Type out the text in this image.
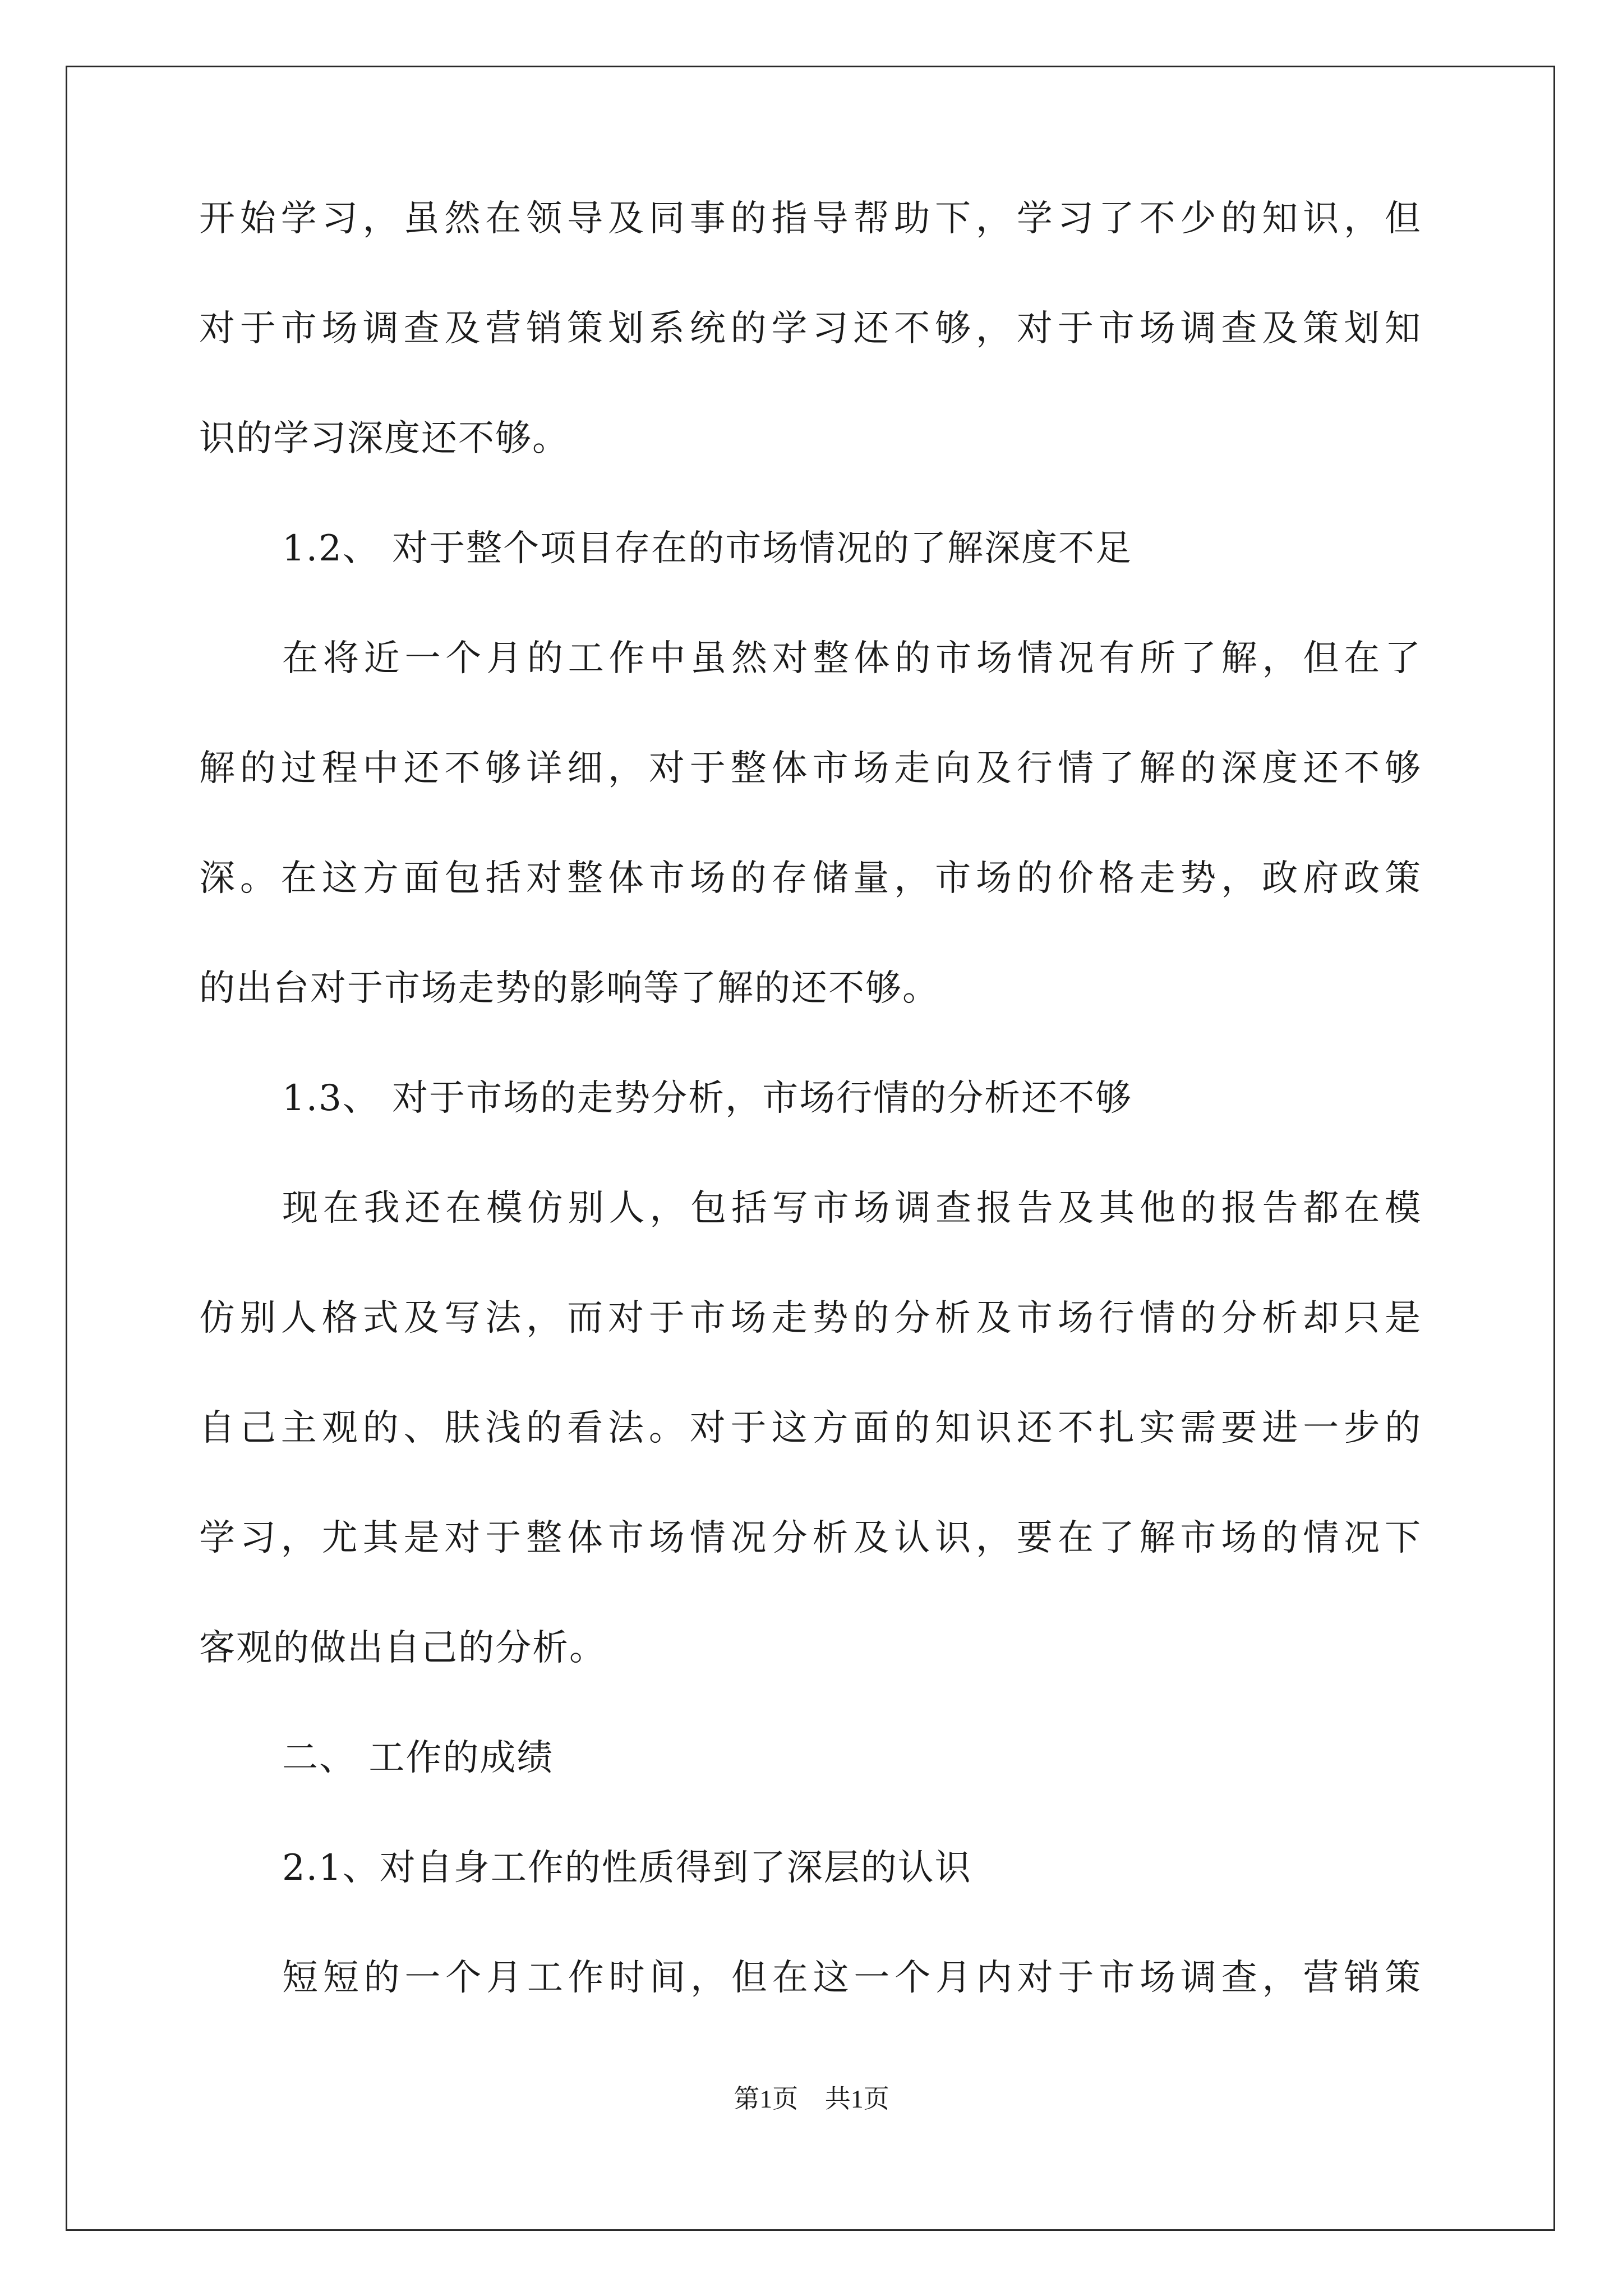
开始学习，虽然在领导及同事的指导帮助下，学习了不少的知识，但
对于市场调查及营销策划系统的学习还不够，对于市场调查及策划知
识的学习深度还不够。
1.2、 对于整个项目存在的市场情况的了解深度不足
在将近一个月的工作中虽然对整体的市场情况有所了解，但在了
解的过程中还不够详细，对于整体市场走向及行情了解的深度还不够
深。在这方面包括对整体市场的存储量，市场的价格走势，政府政策
的出台对于市场走势的影响等了解的还不够。
1.3、 对于市场的走势分析，市场行情的分析还不够
现在我还在模仿别人，包括写市场调查报告及其他的报告都在模
仿别人格式及写法，而对于市场走势的分析及市场行情的分析却只是
自己主观的、肤浅的看法。对于这方面的知识还不扎实需要进一步的
学习，尤其是对于整体市场情况分析及认识，要在了解市场的情况下
客观的做出自己的分析。
二、 工作的成绩
2.1、对自身工作的性质得到了深层的认识
短短的一个月工作时间，但在这一个月内对于市场调查，营销策
第1页 共1页
